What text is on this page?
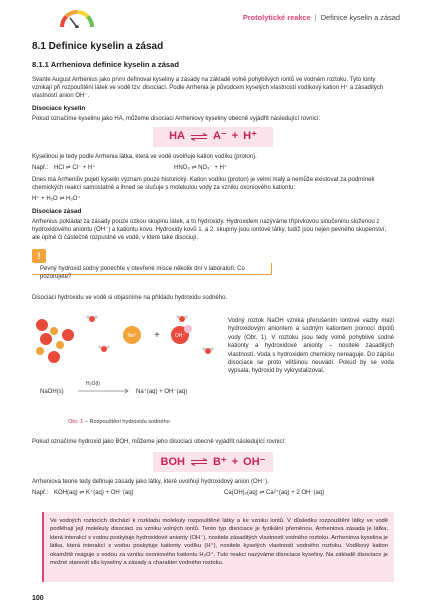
Protolytické reakce | Definice kyselin a zásad
8.1 Definice kyselin a zásad
8.1.1 Arrheniova definice kyselin a zásad

Svante August Arrhenius jako první definoval kyseliny a zásady na základě volně pohyblivých iontů ve vodném roztoku. Tyto ionty vznikají při rozpouštění látek ve vodě tzv. disociací. Podle Arrhenia je původcem kyselých vlastností vodíkový kation H⁺ a zásaditých vlastností anion OH⁻.

Disociace kyselin

Pokud označíme kyselinu jako HA, můžeme disociaci Arrheniovy kyseliny obecně vyjádřit následující rovnicí:

HA ⇌ A⁻ + H⁺

Kyselinou je tedy podle Arrhenia látka, která ve vodě uvolňuje kation vodíku (proton).

Např.: HCl ⇌ Cl⁻ + H⁺	HNO₃ ⇌ NO₃⁻ + H⁺

Dnes má Arrheniův pojetí kyselin význam pouze historický. Kation vodíku (proton) je velmi malý a nemůže existovat za podmínek chemických reakcí samostatně a ihned se slučuje s molekulou vody za vzniku oxoniového kationtu:

H⁺ + H₂O ⇌ H₃O⁺

Disociace zásad

Arrhenius pokládal za zásady pouze úzkou skupinu látek, a to hydroxidy. Hydroxidem nazýváme tříprvkovou sloučeninu složenou z hydroxidového aniontu (OH⁻) a kationtu kovu. Hydroxidy kovů 1. a 2. skupiny jsou iontové látky, tudíž jsou nejen pevného skupenství, ale úplně či částečně rozpustné ve vodě, v které také disociují.

!
Pevný hydroxid sodný ponechte v otevřené misce několik dní v laboratoři. Co pozorujete?

Disociaci hydroxidu ve vodě si objasníme na příkladu hydroxidu sodného.

Na⁺ +	OH⁻
NaOH(s)
H₂O(l)
Na⁺(aq) + OH⁻(aq)
Obr. 1 – Rozpouštění hydroxidu sodného
Vodný roztok NaOH vzniká přerušením iontové vazby mezi hydroxidovým aniontem a sodným kationtem pomocí dipólů vody (Obr. 1). V roztoku jsou tedy volně pohyblivé sodné kationty a hydroxidové anionty – nositelé zásaditých vlastností. Voda s hydroxidem chemicky nereaguje. Do zápisu disociace se proto většinou neuvádí. Pokud by se voda vypsala, hydroxid by vykrystalizoval.

Pokud označíme hydroxid jako BOH, můžeme jeho disociaci obecně vyjádřit následující rovnicí:

BOH ⇌ B⁺ + OH⁻

Arrheniova teorie tedy definuje zásady jako látky, které uvolňují hydroxidový anion (OH⁻).

Např.: KOH(aq) ⇌ K⁺(aq) + OH⁻(aq)	Ca(OH)₂(aq) ⇌ Ca²⁺(aq) + 2 OH⁻(aq)
Ve vodných roztocích dochází k rozkladu molekuly rozpouštěné látky a ke vzniku iontů. V důsledku rozpouštění látky ve vodě podléhají její molekuly disociaci za vzniku volných iontů. Tento typ disociace je fyzikální přeměnou. Arrheniova zásada je látka, která interakcí s vodou poskytuje hydroxidové anionty (OH⁻), nositele zásaditých vlastností vodného roztoku. Arrheniova kyselina je látka, která interakcí s vodou poskytuje kationty vodíku (H⁺), nositele kyselých vlastností vodného roztoku. Vodíkový kation okamžitě reaguje s vodou za vzniku oxoniového kationtu H₃O⁺. Tuto reakci nazýváme disociace kyseliny. Na základě disociace je možné stanovit sílu kyseliny a zásady a charakter vodného roztoku.
100
